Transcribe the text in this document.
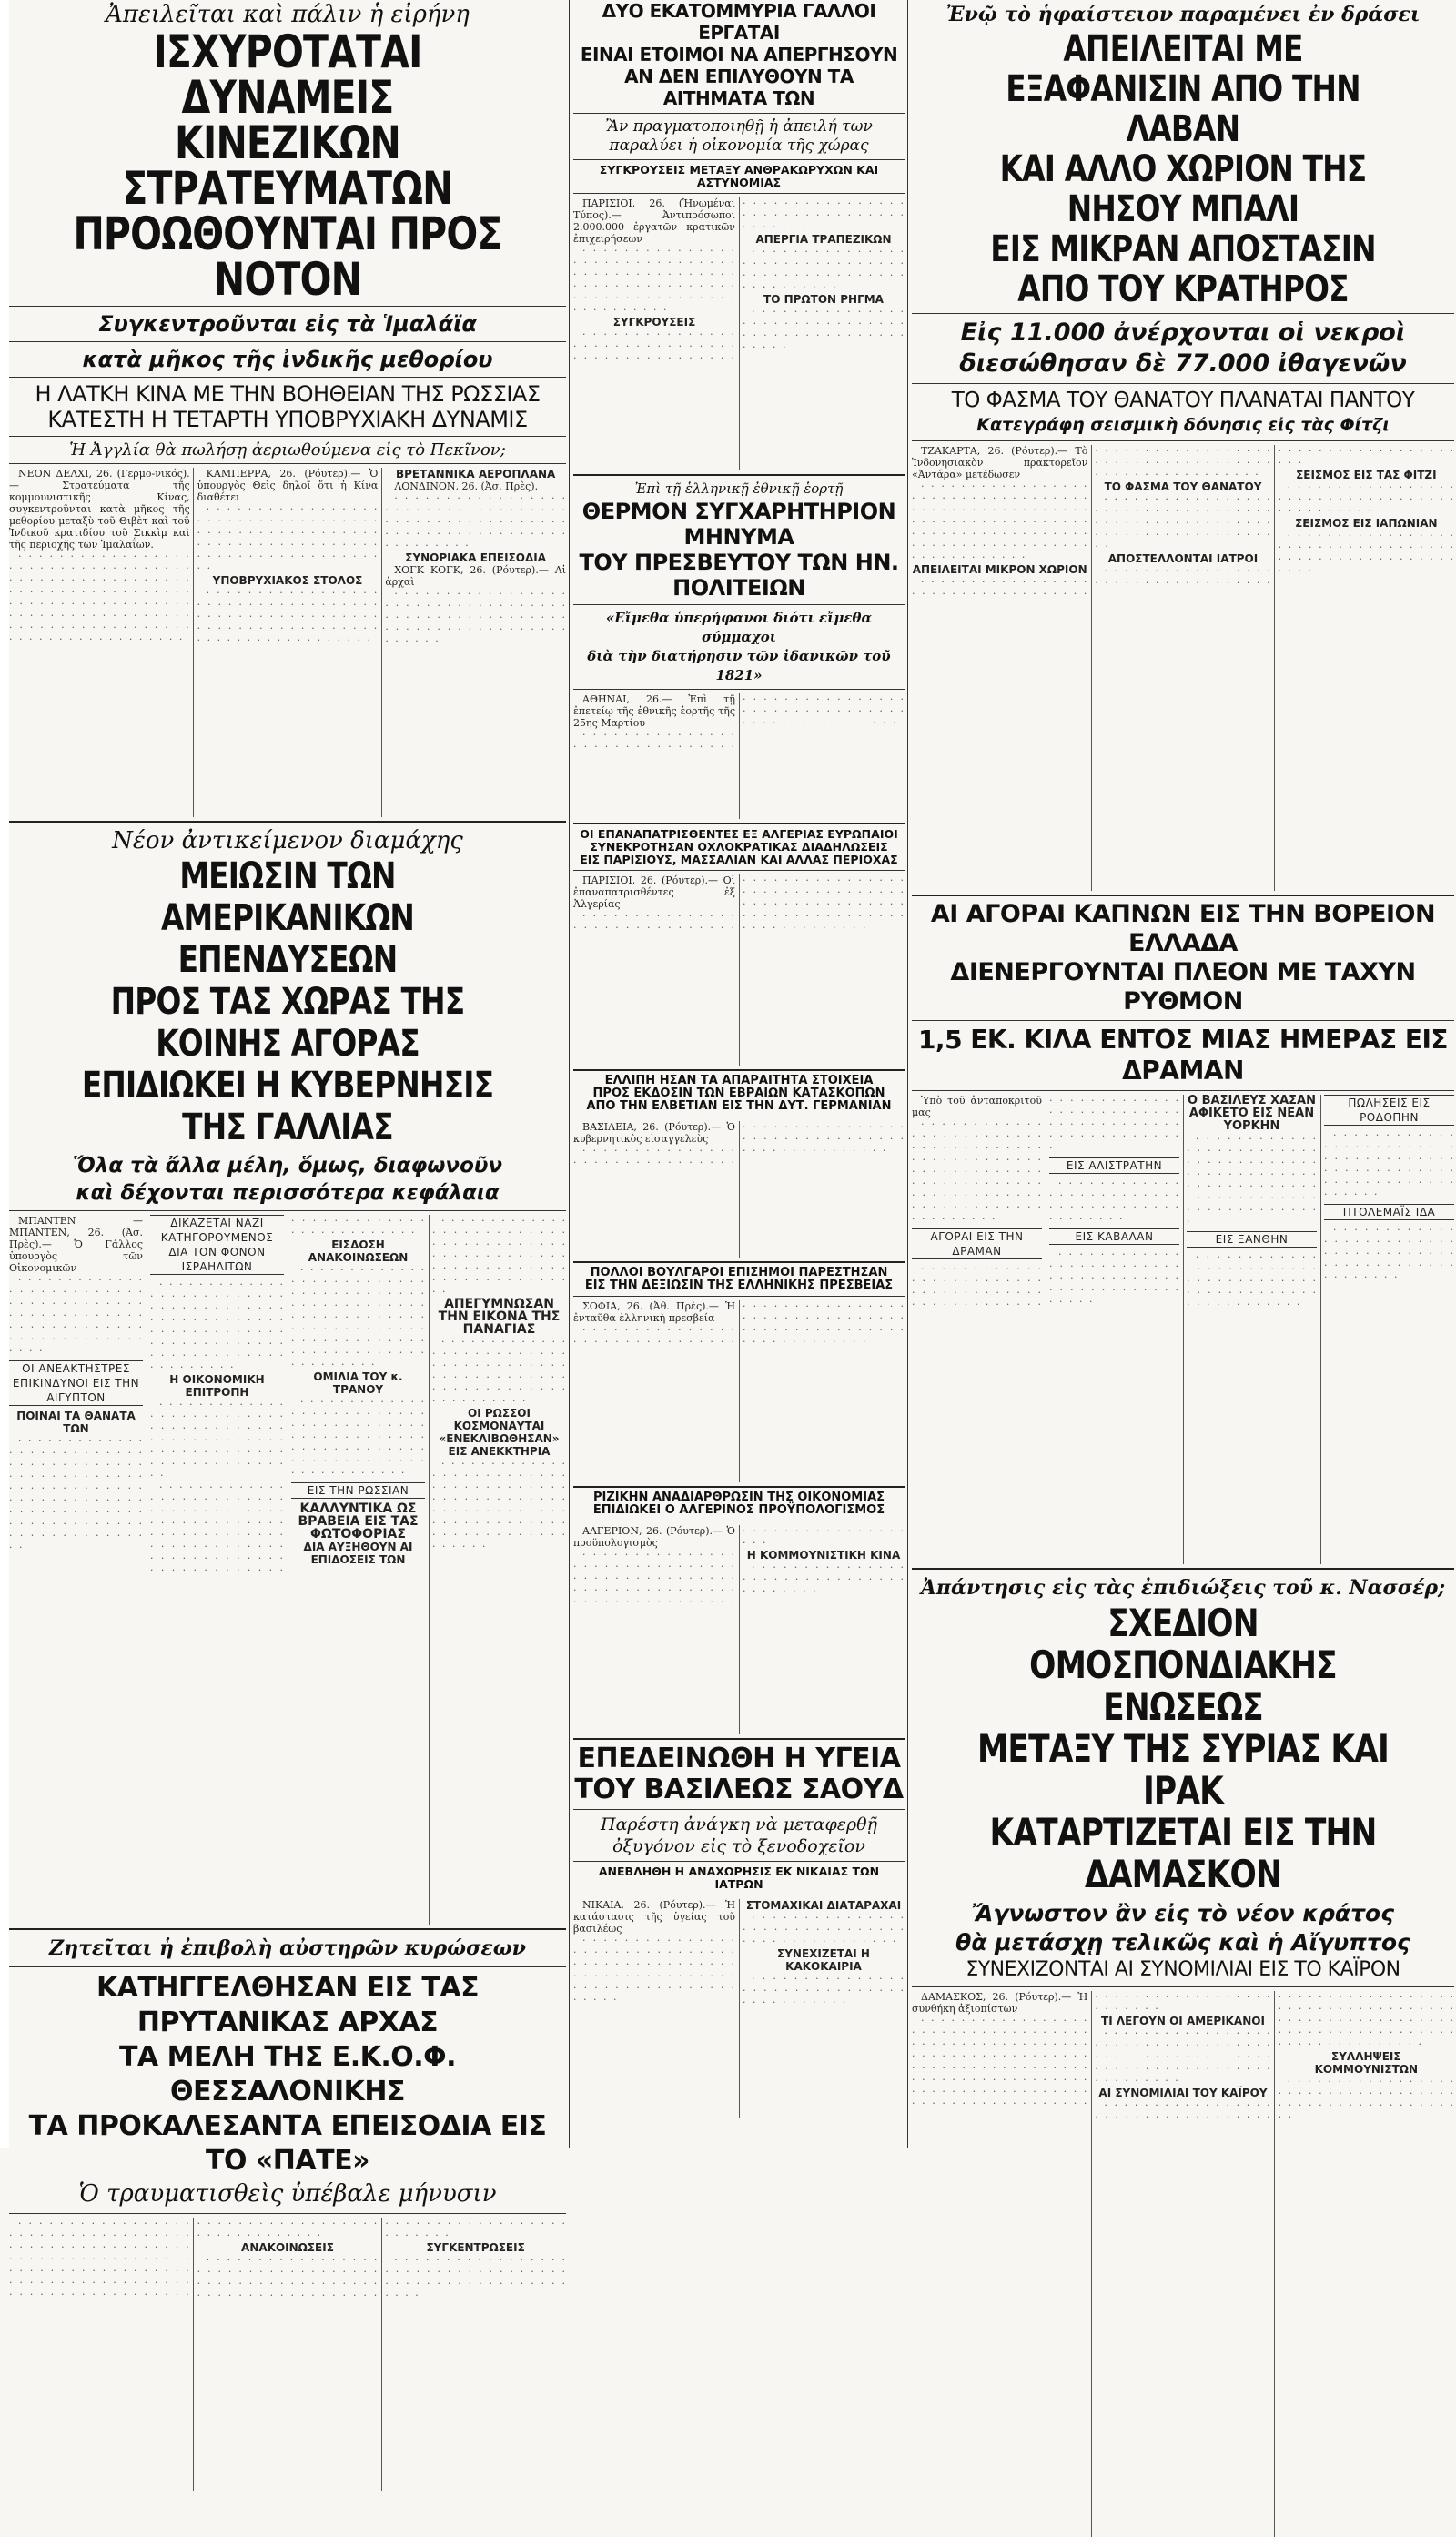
Ἀπειλεῖται καὶ πάλιν ἡ εἰρήνη
ΙΣΧΥΡΟΤΑΤΑΙ ΔΥΝΑΜΕΙΣ
ΚΙΝΕΖΙΚΩΝ ΣΤΡΑΤΕΥΜΑΤΩΝ
ΠΡΟΩΘΟΥΝΤΑΙ ΠΡΟΣ ΝΟΤΟΝ
Συγκεντροῦνται εἰς τὰ Ἱμαλάϊα
κατὰ μῆκος τῆς ἰνδικῆς μεθορίου
Η ΛΑΤΚΗ ΚΙΝΑ ΜΕ ΤΗΝ ΒΟΗΘΕΙΑΝ ΤΗΣ ΡΩΣΣΙΑΣ
ΚΑΤΕΣΤΗ Η ΤΕΤΑΡΤΗ ΥΠΟΒΡΥΧΙΑΚΗ ΔΥΝΑΜΙΣ
Ἡ Ἀγγλία θὰ πωλήσῃ ἀεριωθούμενα εἰς τὸ Πεκῖνον;

ΝΕΟΝ ΔΕΛΧΙ, 26. (Γερμο-νικός).— Στρατεύματα τῆς κομμουνιστικῆς Κίνας, συγκεντροῦνται κατὰ μῆκος τῆς μεθορίου μεταξὺ τοῦ Θιβὲτ καὶ τοῦ Ἰνδικοῦ κρατιδίου τοῦ Σικκὶμ καὶ τῆς περιοχῆς τῶν Ἱμαλαΐων.

· · · · · · · · · · · · · · · · · · · · · · · · · · · · · · · · · · · · · · · · · · · · · · · · · · · · · · · · · · · · · · · · · · · · · · · · · · · · · · · · · · · · · · · · · · · · · · · · · · · · · · · · · · · · · · · · · · · · · · · · · · · · · · · · · · · · · · · · · · · · · · ·

ΚΑΜΠΕΡΡΑ, 26. (Ρόυτερ).— Ὁ ὑπουργὸς Θεὶς δηλοῖ ὅτι ἡ Κίνα διαθέτει

· · · · · · · · · · · · · · · · · · · · · · · · · · · · · · · · · · · · · · · · · · · · · · · · · · · · · · · · · · · · · · · · · · · · · · · · · · · · · · · · · · · · · · · · · · ·

ΥΠΟΒΡΥΧΙΑΚΟΣ ΣΤΟΛΟΣ

· · · · · · · · · · · · · · · · · · · · · · · · · · · · · · · · · · · · · · · · · · · · · · · · · · · · · · · · · · · · · · · · · · · · · · · · · · · · · · · · · · · · · · · · ·

ΒΡΕΤΑΝΝΙΚΑ ΑΕΡΟΠΛΑΝΑ

ΛΟΝΔΙΝΟΝ, 26. (Ἀσ. Πρὲς).

· · · · · · · · · · · · · · · · · · · · · · · · · · · · · · · · · · · · · · · · · · · · · · · · · · · · · · · · · · · · · · · · · · · · · · · · · · · · · · · ·

ΣΥΝΟΡΙΑΚΑ ΕΠΕΙΣΟΔΙΑ

ΧΟΓΚ ΚΟΓΚ, 26. (Ρόυτερ).— Αἱ ἀρχαὶ

· · · · · · · · · · · · · · · · · · · · · · · · · · · · · · · · · · · · · · · · · · · · · · · · · · · · · · · · · · · · · · · · · · · · · · · · · · · · ·

Νέον ἀντικείμενον διαμάχης
ΜΕΙΩΣΙΝ ΤΩΝ ΑΜΕΡΙΚΑΝΙΚΩΝ ΕΠΕΝΔΥΣΕΩΝ
ΠΡΟΣ ΤΑΣ ΧΩΡΑΣ ΤΗΣ ΚΟΙΝΗΣ ΑΓΟΡΑΣ
ΕΠΙΔΙΩΚΕΙ Η ΚΥΒΕΡΝΗΣΙΣ ΤΗΣ ΓΑΛΛΙΑΣ
Ὅλα τὰ ἄλλα μέλη, ὅμως, διαφωνοῦν
καὶ δέχονται περισσότερα κεφάλαια

ΜΠΑΝΤΕΝ — ΜΠΑΝΤΕΝ, 26. (Ἀσ. Πρὲς).— Ὁ Γάλλος ὑπουργὸς τῶν Οἰκονομικῶν

· · · · · · · · · · · · · · · · · · · · · · · · · · · · · · · · · · · · · · · · · · · · · · · · · · · · · · · · · · · · · · · · · · · · · · · · · · · · · · · · · ·

ΟΙ ΑΝΕΑΚΤΗΣΤΡΕΣ ΕΠΙΚΙΝΔΥΝΟΙ ΕΙΣ ΤΗΝ ΑΙΓΥΠΤΟΝ
ΠΟΙΝΑΙ ΤΑ ΘΑΝΑΤΑ ΤΩΝ

· · · · · · · · · · · · · · · · · · · · · · · · · · · · · · · · · · · · · · · · · · · · · · · · · · · · · · · · · · · · · · · · · · · · · · · · · · · · · · · · · · · · · · · · · · · · · · · · · · · · · · · · · · · · · · · · · · · · · · ·

ΔΙΚΑΖΕΤΑΙ ΝΑΖΙ ΚΑΤΗΓΟΡΟΥΜΕΝΟΣ ΔΙΑ ΤΟΝ ΦΟΝΟΝ ΙΣΡΑΗΛΙΤΩΝ

· · · · · · · · · · · · · · · · · · · · · · · · · · · · · · · · · · · · · · · · · · · · · · · · · · · · · · · · · · · · · · · · · · · · · · · · · · · · · · · · · · · · · · · · · · · · · · · · · · · ·

Η ΟΙΚΟΝΟΜΙΚΗ ΕΠΙΤΡΟΠΗ

· · · · · · · · · · · · · · · · · · · · · · · · · · · · · · · · · · · · · · · · · · · · · · · · · · · · · · · · · · · · · · · · · · · · · · · · · · · · · · · ·

· · · · · · · · · · · · · · · · · · · · · · · · · · · · · · · · · · · · · · · · · · · · · · · · · · · · · · · · · · · · · · · · · · · · · · · · · · · · · · · · · · · · · · · · · · · · · · · · · · · · · · · · · · · · · · · · · · · · · · · · · · · · · · · · · ·

ΕΙΣΔΟΣΗ ΑΝΑΚΟΙΝΩΣΕΩΝ

· · · · · · · · · · · · · · · · · · · · · · · · · · · · · · · · · · · · · · · · · · · · · · · · · · · · · · · · · · · · · · · · · · · · · · · · · · · · · · · · · · · · · · · · · · · · · · · · · · · · · · · · · · · · · · · · ·

ΟΜΙΛΙΑ ΤΟΥ κ. ΤΡΑΝΟΥ

· · · · · · · · · · · · · · · · · · · · · · · · · · · · · · · · · · · · · · · · · · · · · · · · · · · · · · · · · · · · · · · · · · · · · · · · · · · · · · · · · · · · · · · · · ·

ΕΙΣ ΤΗΝ ΡΩΣΣΙΑΝ
ΚΑΛΛΥΝΤΙΚΑ ΩΣ ΒΡΑΒΕΙΑ ΕΙΣ ΤΑΣ ΦΩΤΟΦΟΡΙΑΣ
ΔΙΑ ΑΥΞΗΘΟΥΝ ΑΙ ΕΠΙΔΟΣΕΙΣ ΤΩΝ

· · · · · · · · · · · · · · · · · · · · · · · · · · · · · · · · · · · · · · · · · · · · · · · · · · · · · · · · · · · · · · · · · · · · · · · · · · · · · · · ·

ΑΠΕΓΥΜΝΩΣΑΝ ΤΗΝ ΕΙΚΟΝΑ ΤΗΣ ΠΑΝΑΓΙΑΣ

· · · · · · · · · · · · · · · · · · · · · · · · · · · · · · · · · · · · · · · · · · · · · · · · · · · · · · · · · · · · · · · · · · · · · · · · · · ·

ΟΙ ΡΩΣΣΟΙ ΚΟΣΜΟΝΑΥΤΑΙ «ΕΝΕΚΛΙΒΩΘΗΣΑΝ» ΕΙΣ ΑΝΕΚΚΤΗΡΙΑ

· · · · · · · · · · · · · · · · · · · · · · · · · · · · · · · · · · · · · · · · · · · · · · · · · · · · · · · · · · · · · · · · · · · · · · · · · · · · · · · · · · · · · · · · · · · · · · · · ·

Ζητεῖται ἡ ἐπιβολὴ αὐστηρῶν κυρώσεων
ΚΑΤΗΓΓΕΛΘΗΣΑΝ ΕΙΣ ΤΑΣ ΠΡΥΤΑΝΙΚΑΣ ΑΡΧΑΣ
ΤΑ ΜΕΛΗ ΤΗΣ Ε.Κ.Ο.Φ. ΘΕΣΣΑΛΟΝΙΚΗΣ
ΤΑ ΠΡΟΚΑΛΕΣΑΝΤΑ ΕΠΕΙΣΟΔΙΑ ΕΙΣ ΤΟ «ΠΑΤΕ»
Ὁ τραυματισθεὶς ὑπέβαλε μήνυσιν

· · · · · · · · · · · · · · · · · · · · · · · · · · · · · · · · · · · · · · · · · · · · · · · · · · · · · · · · · · · · · · · · · · · · · · · · · · · · · · · · · · · · · · · · · · · · · · · · · · · · · · · · · · · · · · · · · · · · · · · · · · · · · · · · · · · · · · · · · · · · · · · · · · · · · · · · · · · ·

ΑΝΑΚΟΙΝΩΣΕΙΣ

· · · · · · · · · · · · · · · · · · · · · · · · · · · · · · · · · · · · · · · · · · · · · · · · · · · · · · · · · · · · · · · · · · · · · · · · · · · · · · · · · · · · · · · · · · · · · · · ·

ΣΥΓΚΕΝΤΡΩΣΕΙΣ

· · · · · · · · · · · · · · · · · · · · · · · · · · · · · · · · · · · · · · · · · · · · · · · · · · · · · · · · ·

ΔΥΟ ΕΚΑΤΟΜΜΥΡΙΑ ΓΑΛΛΟΙ ΕΡΓΑΤΑΙ
ΕΙΝΑΙ ΕΤΟΙΜΟΙ ΝΑ ΑΠΕΡΓΗΣΟΥΝ
ΑΝ ΔΕΝ ΕΠΙΛΥΘΟΥΝ ΤΑ ΑΙΤΗΜΑΤΑ ΤΩΝ
Ἂν πραγματοποιηθῇ ἡ ἀπειλή των
παραλύει ἡ οἰκονομία τῆς χώρας
ΣΥΓΚΡΟΥΣΕΙΣ ΜΕΤΑΞΥ ΑΝΘΡΑΚΩΡΥΧΩΝ ΚΑΙ ΑΣΤΥΝΟΜΙΑΣ

ΠΑΡΙΣΙΟΙ, 26. (Ἡνωμέναι Τύπος).— Ἀντιπρόσωποι 2.000.000 ἐργατῶν κρατικῶν ἐπιχειρήσεων

· · · · · · · · · · · · · · · · · · · · · · · · · · · · · · · · · · · · · · · · · · · · · · · · · · · · · · · · · · · · · · · · · · · · · · · · · · · · · · · · · · · · · · · · ·

ΣΥΓΚΡΟΥΣΕΙΣ

· · · · · · · · · · · · · · · · · · · · · · · · · · · · · · · · · · · · · · · · · · · · · · · · · · · · · · · · · · · · · · · · · · · · · · · · · · · · · · · · · · · · · ·

ΑΠΕΡΓΙΑ ΤΡΑΠΕΖΙΚΩΝ

· · · · · · · · · · · · · · · · · · · · · · · · · · · · · · · · · · · · · · · · · · · · · · · · · · · · · · · · ·

ΤΟ ΠΡΩΤΟΝ ΡΗΓΜΑ

· · · · · · · · · · · · · · · · · · · · · · · · · · · · · · · · · · · · · · · · · · · · · · · · · · · ·

Ἐπὶ τῇ ἑλληνικῇ ἐθνικῇ ἑορτῇ
ΘΕΡΜΟΝ ΣΥΓΧΑΡΗΤΗΡΙΟΝ ΜΗΝΥΜΑ
ΤΟΥ ΠΡΕΣΒΕΥΤΟΥ ΤΩΝ ΗΝ. ΠΟΛΙΤΕΙΩΝ
«Εἴμεθα ὑπερήφανοι διότι εἴμεθα σύμμαχοι
διὰ τὴν διατήρησιν τῶν ἰδανικῶν τοῦ 1821»

ΑΘΗΝΑΙ, 26.— Ἐπὶ τῇ ἐπετείῳ τῆς ἐθνικῆς ἑορτῆς τῆς 25ης Μαρτίου

· · · · · · · · · · · · · · · · · · · · · · · · · · · · · · · · · · · · · · · · · · · · · · · · · · · · · · · · · · · · · · · · · · · · · · · · · · · · · · ·

ΟΙ ΕΠΑΝΑΠΑΤΡΙΣΘΕΝΤΕΣ ΕΞ ΑΛΓΕΡΙΑΣ ΕΥΡΩΠΑΙΟΙ
ΣΥΝΕΚΡΟΤΗΣΑΝ ΟΧΛΟΚΡΑΤΙΚΑΣ ΔΙΑΔΗΛΩΣΕΙΣ
ΕΙΣ ΠΑΡΙΣΙΟΥΣ, ΜΑΣΣΑΛΙΑΝ ΚΑΙ ΑΛΛΑΣ ΠΕΡΙΟΧΑΣ

ΠΑΡΙΣΙΟΙ, 26. (Ρόυτερ).— Οἱ ἐπαναπατρισθέντες ἐξ Ἀλγερίας

· · · · · · · · · · · · · · · · · · · · · · · · · · · · · · · · · · · · · · · · · · · · · · · · · · · · · · · · · · · · · · · · · · · · · · · · · · · · · · · · · · · · · · · · · · · · · · · · · · · · · · · · · · · ·

ΕΛΛΙΠΗ ΗΣΑΝ ΤΑ ΑΠΑΡΑΙΤΗΤΑ ΣΤΟΙΧΕΙΑ
ΠΡΟΣ ΕΚΔΟΣΙΝ ΤΩΝ ΕΒΡΑΙΩΝ ΚΑΤΑΣΚΟΠΩΝ
ΑΠΟ ΤΗΝ ΕΛΒΕΤΙΑΝ ΕΙΣ ΤΗΝ ΔΥΤ. ΓΕΡΜΑΝΙΑΝ

ΒΑΣΙΛΕΙΑ, 26. (Ρόυτερ).— Ὁ κυβερνητικὸς εἰσαγγελεὺς

· · · · · · · · · · · · · · · · · · · · · · · · · · · · · · · · · · · · · · · · · · · · · · · · · · · · · · · · · · · · · · · · · · · · · · · · · · · · · ·

ΠΟΛΛΟΙ ΒΟΥΛΓΑΡΟΙ ΕΠΙΣΗΜΟΙ ΠΑΡΕΣΤΗΣΑΝ
ΕΙΣ ΤΗΝ ΔΕΞΙΩΣΙΝ ΤΗΣ ΕΛΛΗΝΙΚΗΣ ΠΡΕΣΒΕΙΑΣ

ΣΟΦΙΑ, 26. (Ἀθ. Πρὲς).— Ἡ ἐνταῦθα ἑλληνικὴ πρεσβεία

· · · · · · · · · · · · · · · · · · · · · · · · · · · · · · · · · · · · · · · · · · · · · · · · · · · · · · · · · · · · · · · · · · · · · · · · · · · · · · · · · · · · · · · · · · · ·

ΡΙΖΙΚΗΝ ΑΝΑΔΙΑΡΘΡΩΣΙΝ ΤΗΣ ΟΙΚΟΝΟΜΙΑΣ
ΕΠΙΔΙΩΚΕΙ Ο ΑΛΓΕΡΙΝΟΣ ΠΡΟΫΠΟΛΟΓΙΣΜΟΣ

ΑΛΓΕΡΙΟΝ, 26. (Ρόυτερ).— Ὁ προϋπολογισμὸς

· · · · · · · · · · · · · · · · · · · · · · · · · · · · · · · · · · · · · · · · · · · · · · · · · · · · · · · · · · · · · · · · · · · · · · · · · · · · · · · · · · · · · · · · · · · · · · · · · ·

Η ΚΟΜΜΟΥΝΙΣΤΙΚΗ ΚΙΝΑ

· · · · · · · · · · · · · · · · · · · · · · · · · · · · · · · · · · · · · · ·

ΕΠΕΔΕΙΝΩΘΗ Η ΥΓΕΙΑ
ΤΟΥ ΒΑΣΙΛΕΩΣ ΣΑΟΥΔ
Παρέστη ἀνάγκη νὰ μεταφερθῇ
ὀξυγόνον εἰς τὸ ξενοδοχεῖον
ΑΝΕΒΛΗΘΗ Η ΑΝΑΧΩΡΗΣΙΣ ΕΚ ΝΙΚΑΙΑΣ ΤΩΝ ΙΑΤΡΩΝ

ΝΙΚΑΙΑ, 26. (Ρόυτερ).— Ἡ κατάστασις τῆς ὑγείας τοῦ βασιλέως

· · · · · · · · · · · · · · · · · · · · · · · · · · · · · · · · · · · · · · · · · · · · · · · · · · · · · · · · · · · · · · · · · · · · · · · · · · · · · · · · · · · ·

ΣΤΟΜΑΧΙΚΑΙ ΔΙΑΤΑΡΑΧΑΙ

· · · · · · · · · · · · · · · · · · · · · · · · · · · · · · · · · · · · · · · · · · · · · · ·

ΣΥΝΕΧΙΖΕΤΑΙ Η ΚΑΚΟΚΑΙΡΙΑ

· · · · · · · · · · · · · · · · · · · · · · · · · · · · · · · · · · · · · · · · · ·

Ἐνῷ τὸ ἡφαίστειον παραμένει ἐν δράσει
ΑΠΕΙΛΕΙΤΑΙ ΜΕ ΕΞΑΦΑΝΙΣΙΝ ΑΠΟ ΤΗΝ ΛΑΒΑΝ
ΚΑΙ ΑΛΛΟ ΧΩΡΙΟΝ ΤΗΣ ΝΗΣΟΥ ΜΠΑΛΙ
ΕΙΣ ΜΙΚΡΑΝ ΑΠΟΣΤΑΣΙΝ ΑΠΟ ΤΟΥ ΚΡΑΤΗΡΟΣ
Εἰς 11.000 ἀνέρχονται οἱ νεκροὶ
διεσώθησαν δὲ 77.000 ἰθαγενῶν
ΤΟ ΦΑΣΜΑ ΤΟΥ ΘΑΝΑΤΟΥ ΠΛΑΝΑΤΑΙ ΠΑΝΤΟΥ
Κατεγράφη σεισμικὴ δόνησις εἰς τὰς Φίτζι

ΤΖΑΚΑΡΤΑ, 26. (Ρόυτερ).— Τὸ Ἰνδονησιακὸν πρακτορεῖον «Ἀντάρα» μετέδωσεν

· · · · · · · · · · · · · · · · · · · · · · · · · · · · · · · · · · · · · · · · · · · · · · · · · · · · · · · · · · · · · · · · · · · · · · · · · · · · · · · · · · · · · · · · · · · · · · · · · · · · · · · · · · · · · · · · · · · · · · ·

ΑΠΕΙΛΕΙΤΑΙ ΜΙΚΡΟΝ ΧΩΡΙΟΝ

· · · · · · · · · · · · · · · · · · · · · · · · · · · · · · · · · · · · · · · · · · · · · · · · · · · · · · · · · · · · · · · · · · · · · · · · · · · · · · · · · · · · · · · ·

ΤΟ ΦΑΣΜΑ ΤΟΥ ΘΑΝΑΤΟΥ

· · · · · · · · · · · · · · · · · · · · · · · · · · · · · · · · · · · · · · · · · · · · · · · · · · · · · · · · · · · · · · · · · · · · · · · · ·

ΑΠΟΣΤΕΛΛΟΝΤΑΙ ΙΑΤΡΟΙ

· · · · · · · · · · · · · · · · · · · · · · · · · · · · · · · · · · · · · · · · · · · · · · · · · · · · · · · ·

ΣΕΙΣΜΟΣ ΕΙΣ ΤΑΣ ΦΙΤΖΙ

· · · · · · · · · · · · · · · · · · · · · · · · · · · · · · · · · · · · · · · · · · · · ·

ΣΕΙΣΜΟΣ ΕΙΣ ΙΑΠΩΝΙΑΝ

· · · · · · · · · · · · · · · · · · · · · · · · · · · · · · · · · · · · · · · · · · · · · · · · · · · · · · · · ·

ΑΙ ΑΓΟΡΑΙ ΚΑΠΝΩΝ ΕΙΣ ΤΗΝ ΒΟΡΕΙΟΝ ΕΛΛΑΔΑ
ΔΙΕΝΕΡΓΟΥΝΤΑΙ ΠΛΕΟΝ ΜΕ ΤΑΧΥΝ ΡΥΘΜΟΝ
1,5 ΕΚ. ΚΙΛΑ ΕΝΤΟΣ ΜΙΑΣ ΗΜΕΡΑΣ ΕΙΣ ΔΡΑΜΑΝ

Ὑπὸ τοῦ ἀνταποκριτοῦ μας

· · · · · · · · · · · · · · · · · · · · · · · · · · · · · · · · · · · · · · · · · · · · · · · · · · · · · · · · · · · · · · · · · · · · · · · · · · · · · · · · · · · · · · · · · · · · · · · · · · · · · · · · · · · · · · · ·

ΑΓΟΡΑΙ ΕΙΣ ΤΗΝ ΔΡΑΜΑΝ

· · · · · · · · · · · · · · · · · · · · · · · · · · · · · · · · · · · · · · · · · · · · · · · · · · · · · · · · · · · · · · · · · · · · · · · · · · · · · · · · · · · · · · · · · · · · · · · · · · · · · · · ·

ΕΙΣ ΑΛΙΣΤΡΑΤΗΝ

· · · · · · · · · · · · · · · · · · · · · · · · · · · · · · · · · · · · · · · · · · · · · ·

ΕΙΣ ΚΑΒΑΛΑΝ

· · · · · · · · · · · · · · · · · · · · · · · · · · · · · · · · · · · · · · · · · · · · · · · · · · · · · · · ·

Ο ΒΑΣΙΛΕΥΣ ΧΑΣΑΝ ΑΦΙΚΕΤΟ ΕΙΣ ΝΕΑΝ ΥΟΡΚΗΝ

· · · · · · · · · · · · · · · · · · · · · · · · · · · · · · · · · · · · · · · · · · · · · · · · · · · · · · · · · · · · · · · · · · · · · · · · · · · · · · · · · · · · · · · · · · ·

ΕΙΣ ΞΑΝΘΗΝ

· · · · · · · · · · · · · · · · · · · · · · · · · · · · · · · · · · · · · · · · · · · · · · · · · · · · · · · · · · · · · · ·

ΠΩΛΗΣΕΙΣ ΕΙΣ ΡΟΔΟΠΗΝ

· · · · · · · · · · · · · · · · · · · · · · · · · · · · · · · · · · · · · · · · · · · · · · · · · · · · · · · · · · · · · · · · · · · · · ·

ΠΤΟΛΕΜΑΪΣ ΙΔΑ

· · · · · · · · · · · · · · · · · · · · · · · · · · · · · · · · · · · · · · · · · · · · · · · · · · · · · · · · · · ·

Ἀπάντησις εἰς τὰς ἐπιδιώξεις τοῦ κ. Νασσέρ;
ΣΧΕΔΙΟΝ ΟΜΟΣΠΟΝΔΙΑΚΗΣ ΕΝΩΣΕΩΣ
ΜΕΤΑΞΥ ΤΗΣ ΣΥΡΙΑΣ ΚΑΙ ΙΡΑΚ
ΚΑΤΑΡΤΙΖΕΤΑΙ ΕΙΣ ΤΗΝ ΔΑΜΑΣΚΟΝ
Ἄγνωστον ἂν εἰς τὸ νέον κράτος
θὰ μετάσχῃ τελικῶς καὶ ἡ Αἴγυπτος
ΣΥΝΕΧΙΖΟΝΤΑΙ ΑΙ ΣΥΝΟΜΙΛΙΑΙ ΕΙΣ ΤΟ ΚΑΪΡΟΝ

ΔΑΜΑΣΚΟΣ, 26. (Ρόυτερ).— Ἡ συνθήκη ἀξιοπίστων

· · · · · · · · · · · · · · · · · · · · · · · · · · · · · · · · · · · · · · · · · · · · · · · · · · · · · · · · · · · · · · · · · · · · · · · · · · · · · · · · · · · · · · · · · · · · · · · · · · · · · · · · · · · · · · · · · · · · · · · · · · · · · · · · · · · · · · · · · · · · · · · · · · · · · · · · · · · · · · · · · · · · · · · ·

ΤΙ ΛΕΓΟΥΝ ΟΙ ΑΜΕΡΙΚΑΝΟΙ

· · · · · · · · · · · · · · · · · · · · · · · · · · · · · · · · · · · · · · · · · · · · · · · · · · · · · · · · · · · · · · · · · · · · · · · · · · · · · · · ·

ΑΙ ΣΥΝΟΜΙΛΙΑΙ ΤΟΥ ΚΑΪΡΟΥ

· · · · · · · · · · · · · · · · · · · · · · · · · · · · · · · · · · · · · · · · · · · · · · · · · · · · · · · · · · · · · · · · · · · · · · · · · · · · · · · · · · · · · · · · · · · · · · · · · · · · · · · · · · · · · · · · · · · · · · · · · ·

ΣΥΛΛΗΨΕΙΣ ΚΟΜΜΟΥΝΙΣΤΩΝ

· · · · · · · · · · · · · · · · · · · · · · · · · · · · · · · · · · · · · · · · · · · · · · · · · · · · · · ·
